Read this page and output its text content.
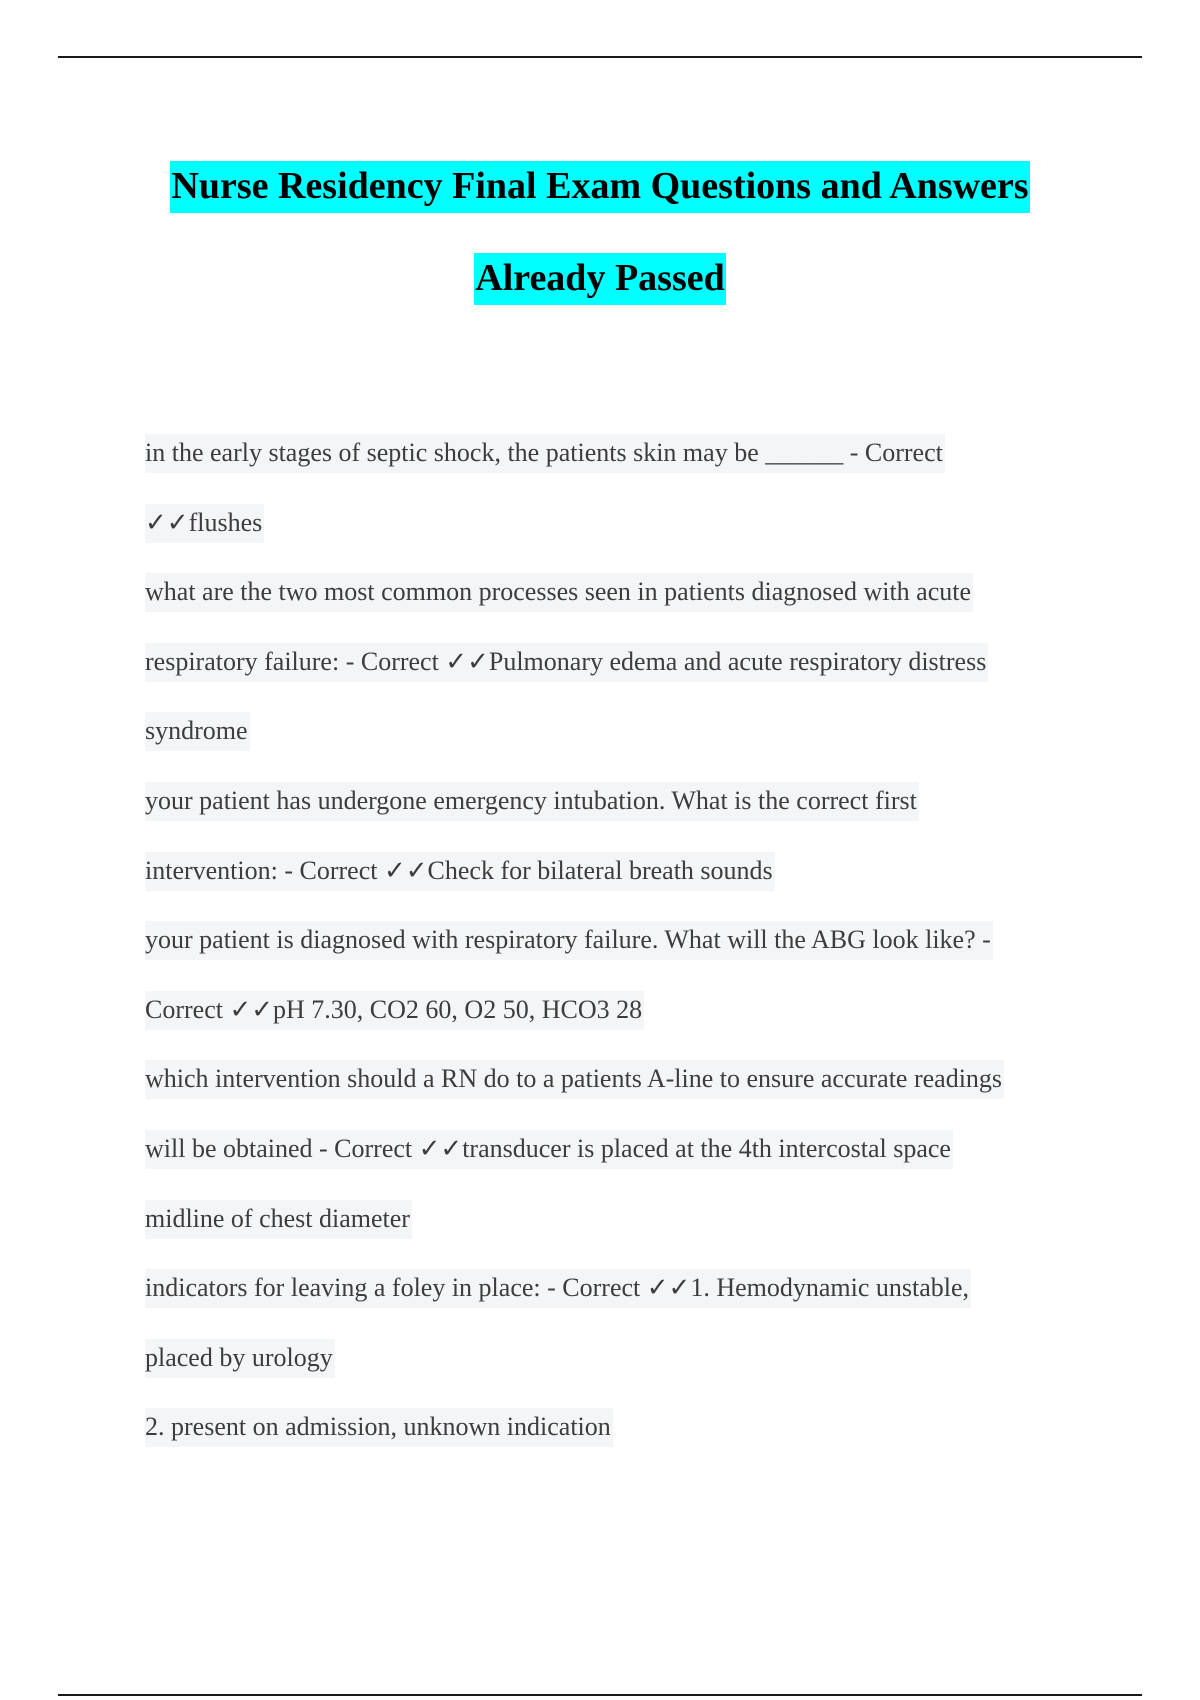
Nurse Residency Final Exam Questions and Answers
Already Passed
in the early stages of septic shock, the patients skin may be ______ - Correct
✓✓flushes
what are the two most common processes seen in patients diagnosed with acute
respiratory failure: - Correct ✓✓Pulmonary edema and acute respiratory distress
syndrome
your patient has undergone emergency intubation. What is the correct first
intervention: - Correct ✓✓Check for bilateral breath sounds
your patient is diagnosed with respiratory failure. What will the ABG look like? -
Correct ✓✓pH 7.30, CO2 60, O2 50, HCO3 28
which intervention should a RN do to a patients A-line to ensure accurate readings
will be obtained - Correct ✓✓transducer is placed at the 4th intercostal space
midline of chest diameter
indicators for leaving a foley in place: - Correct ✓✓1. Hemodynamic unstable,
placed by urology
2. present on admission, unknown indication
